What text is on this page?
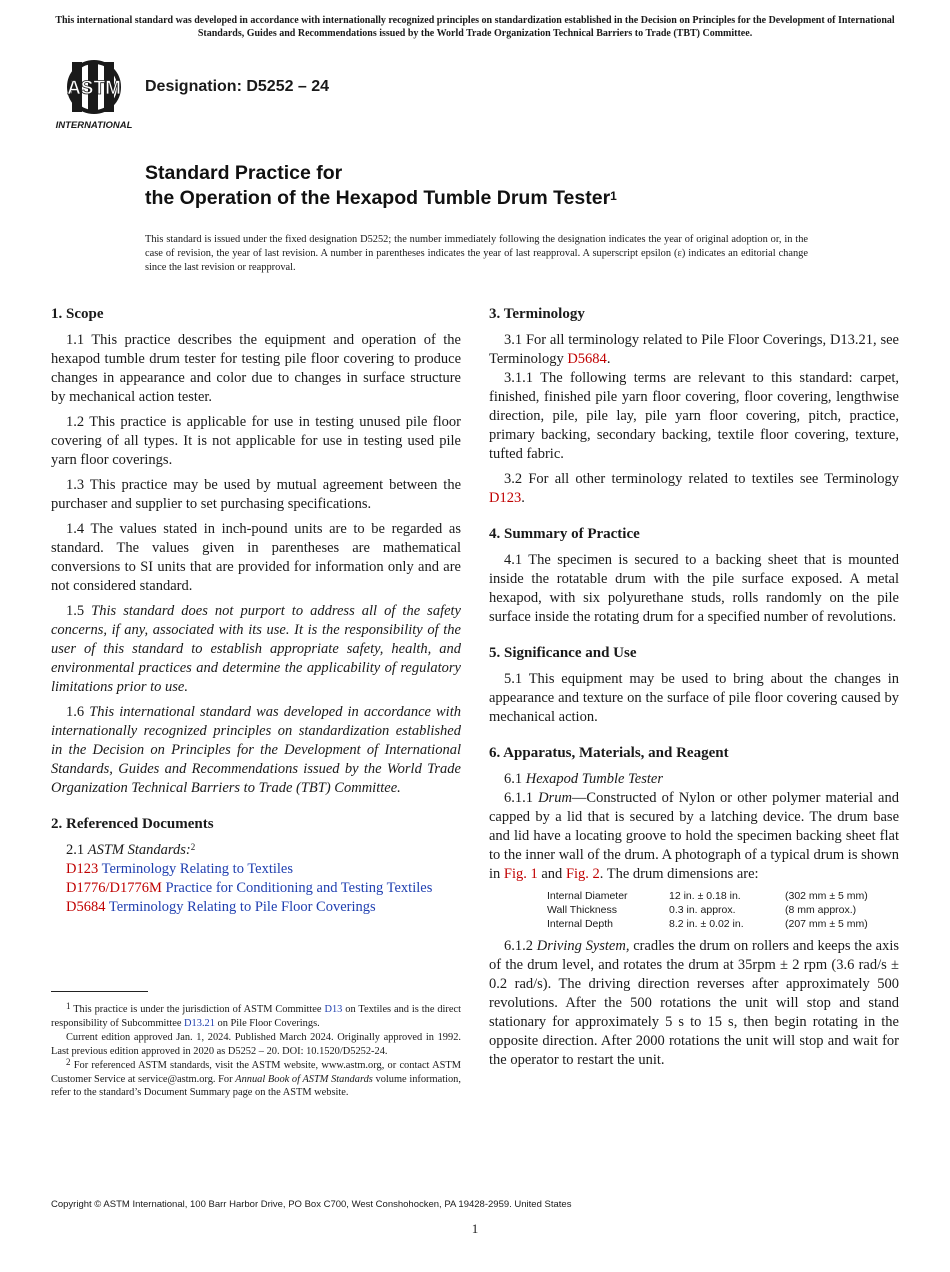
This international standard was developed in accordance with internationally recognized principles on standardization established in the Decision on Principles for the Development of International Standards, Guides and Recommendations issued by the World Trade Organization Technical Barriers to Trade (TBT) Committee.
ASTM
INTERNATIONAL
Designation: D5252 – 24
Standard Practice for
the Operation of the Hexapod Tumble Drum Tester$^1$
This standard is issued under the fixed designation D5252; the number immediately following the designation indicates the year of original adoption or, in the case of revision, the year of last revision. A number in parentheses indicates the year of last reapproval. A superscript epsilon (ε) indicates an editorial change since the last revision or reapproval.
1. Scope

1.1 This practice describes the equipment and operation of the hexapod tumble drum tester for testing pile floor covering to produce changes in appearance and color due to changes in surface structure by mechanical action tester.

1.2 This practice is applicable for use in testing unused pile floor covering of all types. It is not applicable for use in testing used pile yarn floor coverings.

1.3 This practice may be used by mutual agreement between the purchaser and supplier to set purchasing specifications.

1.4 The values stated in inch-pound units are to be regarded as standard. The values given in parentheses are mathematical conversions to SI units that are provided for information only and are not considered standard.

1.5 This standard does not purport to address all of the safety concerns, if any, associated with its use. It is the responsibility of the user of this standard to establish appropriate safety, health, and environmental practices and determine the applicability of regulatory limitations prior to use.

1.6 This international standard was developed in accordance with internationally recognized principles on standardization established in the Decision on Principles for the Development of International Standards, Guides and Recommendations issued by the World Trade Organization Technical Barriers to Trade (TBT) Committee.

2. Referenced Documents

2.1 ASTM Standards:$^2$

D123 Terminology Relating to Textiles

D1776/D1776M Practice for Conditioning and Testing Textiles

D5684 Terminology Relating to Pile Floor Coverings

3. Terminology

3.1 For all terminology related to Pile Floor Coverings, D13.21, see Terminology D5684.

3.1.1 The following terms are relevant to this standard: carpet, finished, finished pile yarn floor covering, floor covering, lengthwise direction, pile, pile lay, pile yarn floor covering, pitch, practice, primary backing, secondary backing, textile floor covering, texture, tufted fabric.

3.2 For all other terminology related to textiles see Terminology D123.

4. Summary of Practice

4.1 The specimen is secured to a backing sheet that is mounted inside the rotatable drum with the pile surface exposed. A metal hexapod, with six polyurethane studs, rolls randomly on the pile surface inside the rotating drum for a specified number of revolutions.

5. Significance and Use

5.1 This equipment may be used to bring about the changes in appearance and texture on the surface of pile floor covering caused by mechanical action.

6. Apparatus, Materials, and Reagent

6.1 Hexapod Tumble Tester

6.1.1 Drum—Constructed of Nylon or other polymer material and capped by a lid that is secured by a latching device. The drum base and lid have a locating groove to hold the specimen backing sheet flat to the inner wall of the drum. A photograph of a typical drum is shown in Fig. 1 and Fig. 2. The drum dimensions are:

Internal Diameter	12 in. ± 0.18 in.	(302 mm ± 5 mm)
Wall Thickness	0.3 in. approx.	(8 mm approx.)
Internal Depth	8.2 in. ± 0.02 in.	(207 mm ± 5 mm)

6.1.2 Driving System, cradles the drum on rollers and keeps the axis of the drum level, and rotates the drum at 35rpm ± 2 rpm (3.6 rad/s ± 0.2 rad/s). The driving direction reverses after approximately 500 revolutions. After the 500 rotations the unit will stop and stand stationary for approximately 5 s to 15 s, then begin rotating in the opposite direction. After 2000 rotations the unit will stop and wait for the operator to restart the unit.

$^1$ This practice is under the jurisdiction of ASTM Committee D13 on Textiles and is the direct responsibility of Subcommittee D13.21 on Pile Floor Coverings.

Current edition approved Jan. 1, 2024. Published March 2024. Originally approved in 1992. Last previous edition approved in 2020 as D5252 – 20. DOI: 10.1520/D5252-24.

$^2$ For referenced ASTM standards, visit the ASTM website, www.astm.org, or contact ASTM Customer Service at service@astm.org. For Annual Book of ASTM Standards volume information, refer to the standard’s Document Summary page on the ASTM website.

Copyright © ASTM International, 100 Barr Harbor Drive, PO Box C700, West Conshohocken, PA 19428-2959. United States
1
